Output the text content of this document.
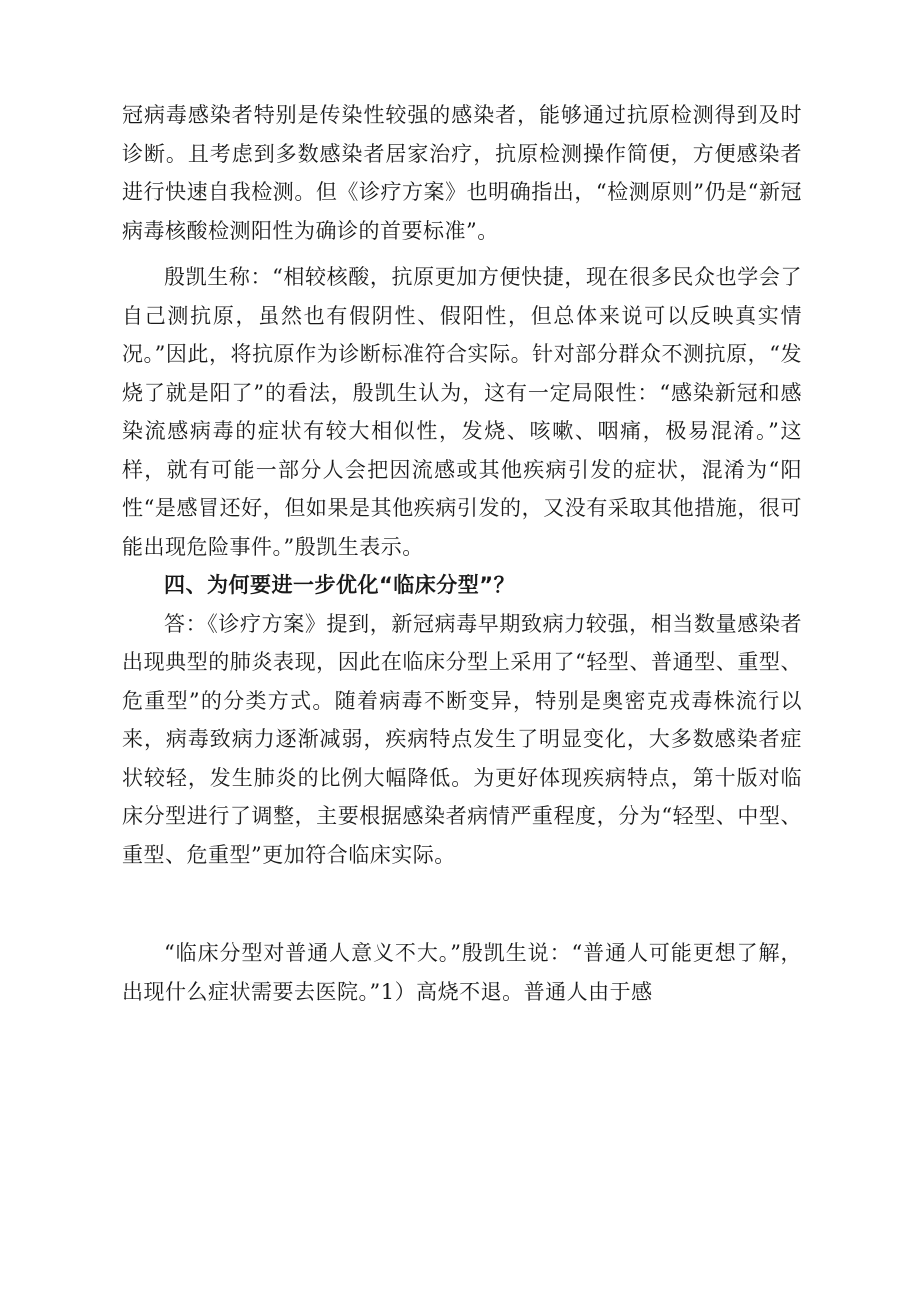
冠病毒感染者特别是传染性较强的感染者，能够通过抗原检测得到及时诊断。且考虑到多数感染者居家治疗，抗原检测操作简便，方便感染者进行快速自我检测。但《诊疗方案》也明确指出，“检测原则”仍是“新冠病毒核酸检测阳性为确诊的首要标准”。

殷凯生称：“相较核酸，抗原更加方便快捷，现在很多民众也学会了自己测抗原，虽然也有假阴性、假阳性，但总体来说可以反映真实情况。”因此，将抗原作为诊断标准符合实际。针对部分群众不测抗原，“发烧了就是阳了”的看法，殷凯生认为，这有一定局限性：“感染新冠和感染流感病毒的症状有较大相似性，发烧、咳嗽、咽痛，极易混淆。”这样，就有可能一部分人会把因流感或其他疾病引发的症状，混淆为“阳性“是感冒还好，但如果是其他疾病引发的，又没有采取其他措施，很可能出现危险事件。”殷凯生表示。

四、为何要进一步优化“临床分型”？

答：《诊疗方案》提到，新冠病毒早期致病力较强，相当数量感染者出现典型的肺炎表现，因此在临床分型上采用了“轻型、普通型、重型、危重型”的分类方式。随着病毒不断变异，特别是奥密克戎毒株流行以来，病毒致病力逐渐减弱，疾病特点发生了明显变化，大多数感染者症状较轻，发生肺炎的比例大幅降低。为更好体现疾病特点，第十版对临床分型进行了调整，主要根据感染者病情严重程度，分为“轻型、中型、重型、危重型”更加符合临床实际。

“临床分型对普通人意义不大。”殷凯生说：“普通人可能更想了解，出现什么症状需要去医院。”1）高烧不退。普通人由于感
